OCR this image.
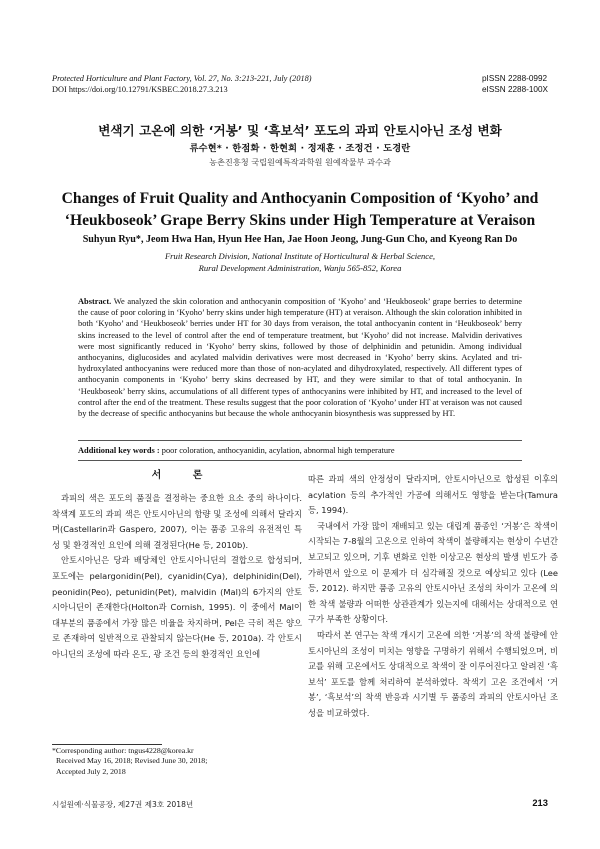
Protected Horticulture and Plant Factory, Vol. 27, No. 3:213-221, July (2018)
DOI https://doi.org/10.12791/KSBEC.2018.27.3.213
pISSN 2288-0992
eISSN 2288-100X
변색기 고온에 의한 ‘거봉’ 및 ‘흑보석’ 포도의 과피 안토시아닌 조성 변화
류수현* · 한점화 · 한현희 · 정재훈 · 조정건 · 도경란
농촌진흥청 국립원예특작과학원 원예작물부 과수과
Changes of Fruit Quality and Anthocyanin Composition of ‘Kyoho’ and ‘Heukboseok’ Grape Berry Skins under High Temperature at Veraison
Suhyun Ryu*, Jeom Hwa Han, Hyun Hee Han, Jae Hoon Jeong, Jung-Gun Cho, and Kyeong Ran Do
Fruit Research Division, National Institute of Horticultural & Herbal Science,
Rural Development Administration, Wanju 565-852, Korea
Abstract. We analyzed the skin coloration and anthocyanin composition of ‘Kyoho’ and ‘Heukboseok’ grape berries to determine the cause of poor coloring in ‘Kyoho’ berry skins under high temperature (HT) at veraison. Although the skin coloration inhibited in both ‘Kyoho’ and ‘Heukboseok’ berries under HT for 30 days from veraison, the total anthocyanin content in ‘Heukboseok’ berry skins increased to the level of control after the end of temperature treatment, but ‘Kyoho’ did not increase. Malvidin derivatives were most significantly reduced in ‘Kyoho’ berry skins, followed by those of delphinidin and petunidin. Among individual anthocyanins, diglucosides and acylated malvidin derivatives were most decreased in ‘Kyoho’ berry skins. Acylated and tri-hydroxylated anthocyanins were reduced more than those of non-acylated and dihydroxylated, respectively. All different types of anthocyanin components in ‘Kyoho’ berry skins decreased by HT, and they were similar to that of total anthocyanin. In ‘Heukboseok’ berry skins, accumulations of all different types of anthocyanins were inhibited by HT, and increased to the level of control after the end of the treatment. These results suggest that the poor coloration of ‘Kyoho’ under HT at veraison was not caused by the decrease of specific anthocyanins but because the whole anthocyanin biosynthesis was suppressed by HT.
Additional key words : poor coloration, anthocyanidin, acylation, abnormal high temperature
서 론

과피의 색은 포도의 품질을 결정하는 중요한 요소 중의 하나이다. 착색계 포도의 과피 색은 안토시아닌의 함량 및 조성에 의해서 달라지며(Castellarin과 Gaspero, 2007), 이는 품종 고유의 유전적인 특성 및 환경적인 요인에 의해 결정된다(He 등, 2010b).

안토시아닌은 당과 배당체인 안토시아니딘의 결합으로 합성되며, 포도에는 pelargonidin(Pel), cyanidin(Cya), delphinidin(Del), peonidin(Peo), petunidin(Pet), malvidin (Mal)의 6가지의 안토시아니딘이 존재한다(Holton과 Cornish, 1995). 이 중에서 Mal이 대부분의 품종에서 가장 많은 비율을 차지하며, Pel은 극히 적은 양으로 존재하여 일반적으로 관찰되지 않는다(He 등, 2010a). 각 안토시아니딘의 조성에 따라 온도, 광 조건 등의 환경적인 요인에

따른 과피 색의 안정성이 달라지며, 안토시아닌으로 합성된 이후의 acylation 등의 추가적인 가공에 의해서도 영향을 받는다(Tamura 등, 1994).

국내에서 가장 많이 재배되고 있는 대립계 품종인 ‘거봉’은 착색이 시작되는 7-8월의 고온으로 인하여 착색이 불량해지는 현상이 수년간 보고되고 있으며, 기후 변화로 인한 이상고온 현상의 발생 빈도가 증가하면서 앞으로 이 문제가 더 심각해질 것으로 예상되고 있다 (Lee 등, 2012). 하지만 품종 고유의 안토시아닌 조성의 차이가 고온에 의한 착색 불량과 어떠한 상관관계가 있는지에 대해서는 상대적으로 연구가 부족한 상황이다.

따라서 본 연구는 착색 개시기 고온에 의한 ‘거봉’의 착색 불량에 안토시아닌의 조성이 미치는 영향을 구명하기 위해서 수행되었으며, 비교를 위해 고온에서도 상대적으로 착색이 잘 이루어진다고 알려진 ‘흑보석’ 포도를 함께 처리하여 분석하였다. 착색기 고온 조건에서 ‘거봉’, ‘흑보석’의 착색 반응과 시기별 두 품종의 과피의 안토시아닌 조성을 비교하였다.

*Corresponding author: tngus4228@korea.kr
Received May 16, 2018; Revised June 30, 2018;
Accepted July 2, 2018
시설원예·식물공장, 제27권 제3호 2018년	213
